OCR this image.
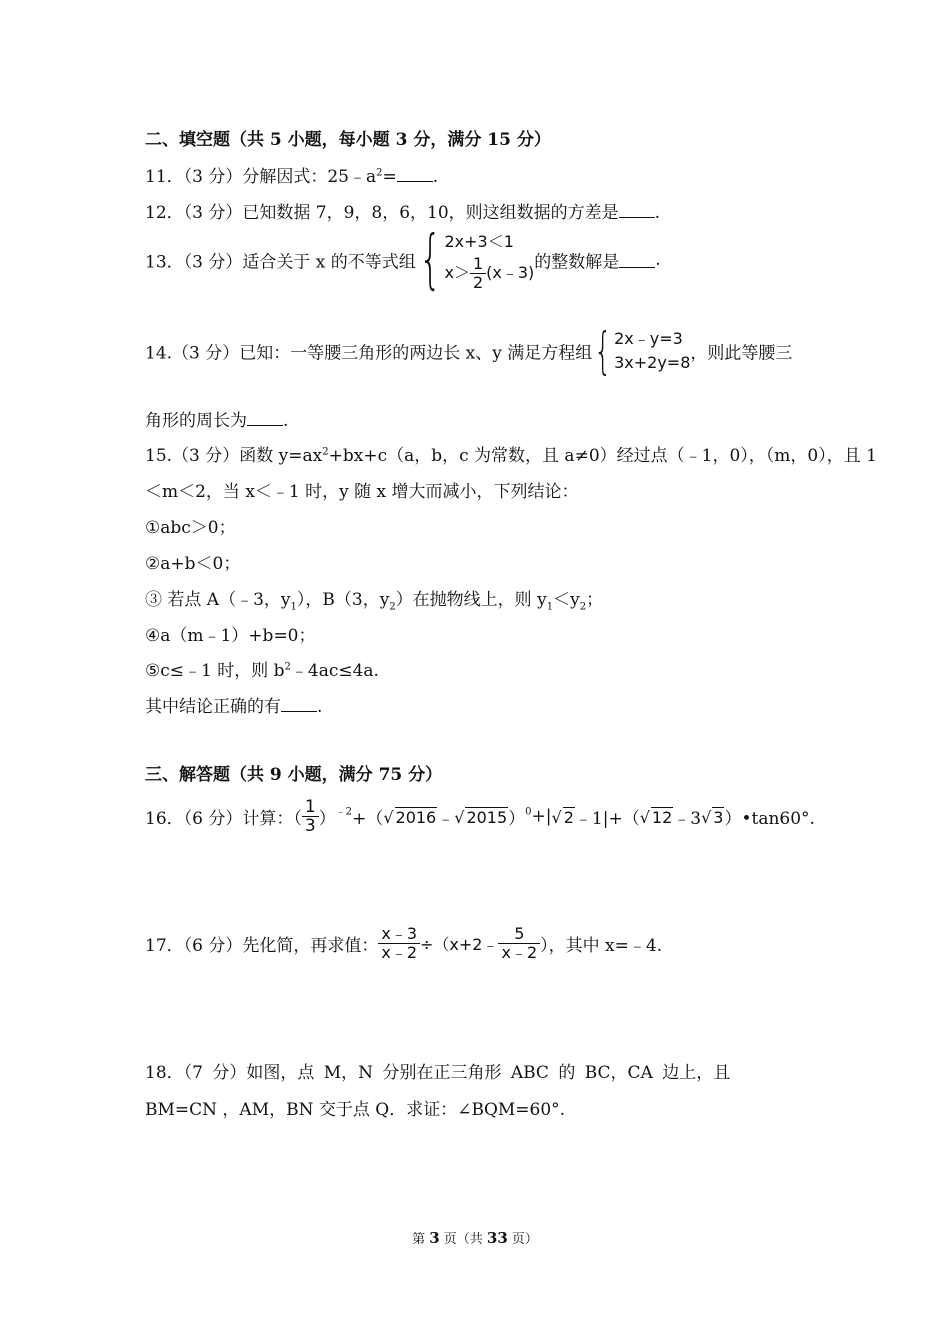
二、填空题（共 5 小题，每小题 3 分，满分 15 分）
11．（3 分）分解因式：$25﹣a^2=$ .
12．（3 分）已知数据 7，9，8，6，10，则这组数据的方差是 .
13．（3 分）适合关于 x 的不等式组{ 2x+3＜1
$x> \frac{1}{2}$ (x﹣3) 的整数解是 .
14.（3 分）已知：一等腰三角形的两边长 x、y 满足方程组{ 2x﹣y=3
3x+2y=8 ，则此等腰三
角形的周长为 .
15.（3 分）函数 $y=ax^2+bx+c(a$，b，c 为常数，且 a≠0）经过点（﹣1，0），（m，0），且 1
＜m＜2，当 x＜﹣1 时，y 随 x 增大而减小，下列结论：
①abc＞0；
②a+b＜0；
③ 若点 A（﹣3，$y_1$），B（3，$y_2$）在抛物线上，则 $y_1<y_2$；
④a（m﹣1）+b=0；
⑤c≤﹣1 时，则 $b^2﹣4ac\le 4a$.
其中结论正确的有 .
三、解答题（共 9 小题，满分 75 分）
16．（6 分）计算：（ $\frac{1}{3} )^{﹣2}+(√$ 2016﹣√ 2015）$^0$+|√ 2﹣1|+（√ 12﹣3√ 3）•tan60°.
17．（6 分）先化简，再求值： $\frac{x﹣3}{x﹣2}$ ÷（x+2﹣ $\frac{5}{x﹣2}$ ），其中 x=﹣4.
18．（7 分）如图，点 M，N 分别在正三角形 ABC 的 BC，CA 边上，且
BM=CN ，AM，BN 交于点 Q．求证：∠BQM=60°.
第 3 页（共 33 页）
